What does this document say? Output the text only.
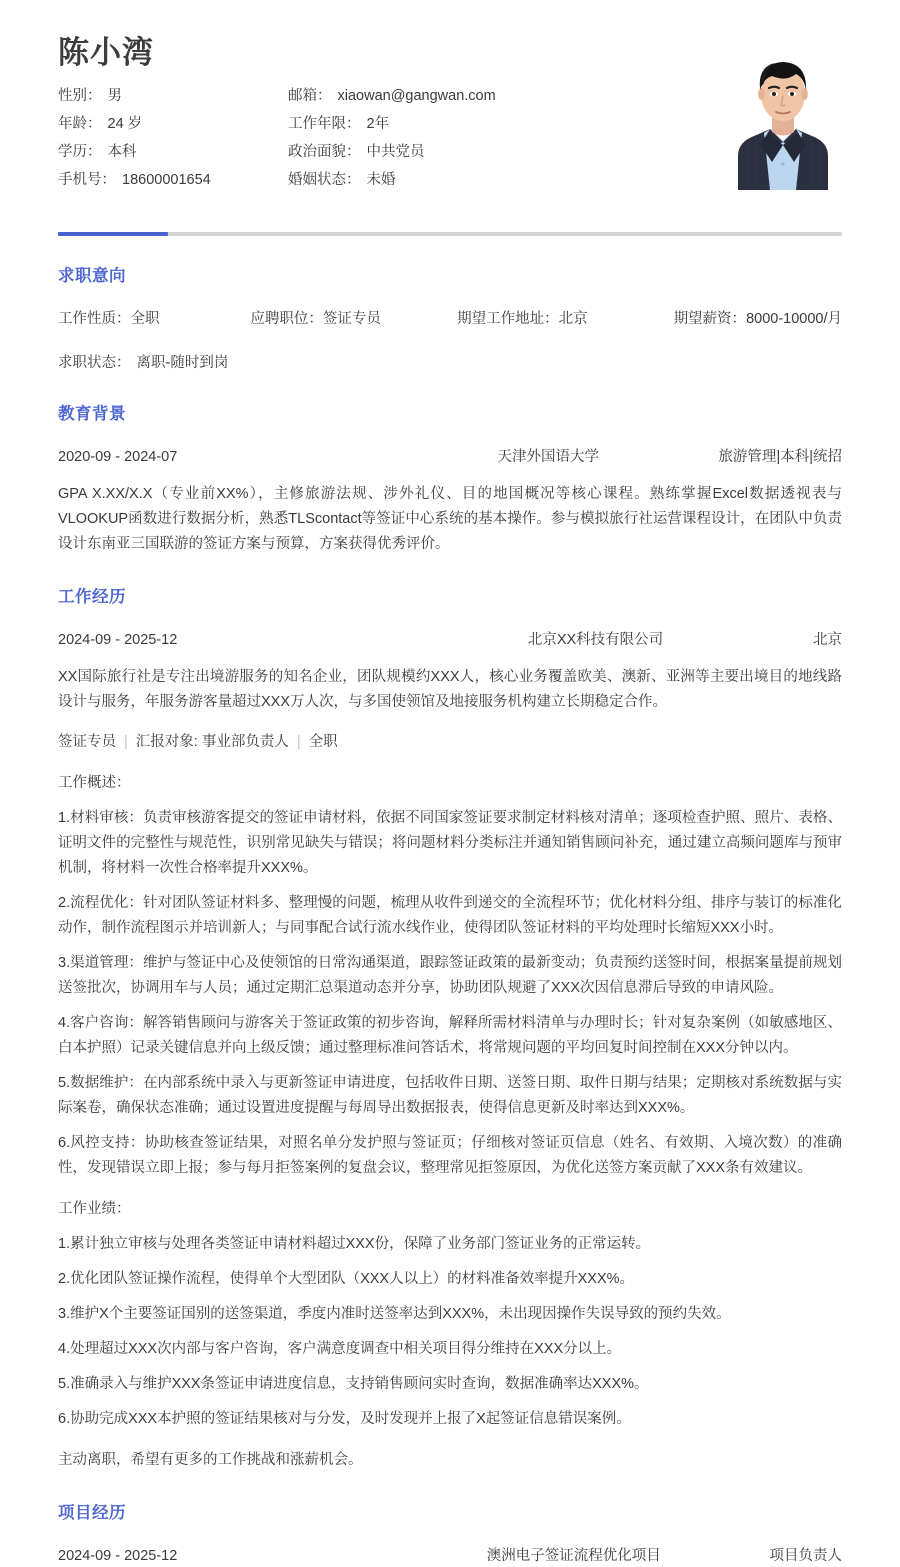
陈小湾
性别： 男	邮箱： xiaowan@gangwan.com
年龄： 24 岁	工作年限： 2年
学历： 本科	政治面貌： 中共党员
手机号： 18600001654	婚姻状态： 未婚
求职意向
工作性质：全职	应聘职位：签证专员	期望工作地址：北京	期望薪资：8000-10000/月
求职状态： 离职-随时到岗
教育背景
2020-09 - 2024-07	天津外国语大学	旅游管理|本科|统招

GPA X.XX/X.X（专业前XX%），主修旅游法规、涉外礼仪、目的地国概况等核心课程。熟练掌握Excel数据透视表与VLOOKUP函数进行数据分析，熟悉TLScontact等签证中心系统的基本操作。参与模拟旅行社运营课程设计，在团队中负责设计东南亚三国联游的签证方案与预算，方案获得优秀评价。

工作经历
2024-09 - 2025-12	北京XX科技有限公司	北京

XX国际旅行社是专注出境游服务的知名企业，团队规模约XXX人，核心业务覆盖欧美、澳新、亚洲等主要出境目的地线路设计与服务，年服务游客量超过XXX万人次，与多国使领馆及地接服务机构建立长期稳定合作。

签证专员 | 汇报对象: 事业部负责人 | 全职

工作概述：

1.材料审核：负责审核游客提交的签证申请材料，依据不同国家签证要求制定材料核对清单；逐项检查护照、照片、表格、证明文件的完整性与规范性，识别常见缺失与错误；将问题材料分类标注并通知销售顾问补充，通过建立高频问题库与预审机制，将材料一次性合格率提升XXX%。

2.流程优化：针对团队签证材料多、整理慢的问题，梳理从收件到递交的全流程环节；优化材料分组、排序与装订的标准化动作，制作流程图示并培训新人；与同事配合试行流水线作业，使得团队签证材料的平均处理时长缩短XXX小时。

3.渠道管理：维护与签证中心及使领馆的日常沟通渠道，跟踪签证政策的最新变动；负责预约送签时间，根据案量提前规划送签批次，协调用车与人员；通过定期汇总渠道动态并分享，协助团队规避了XXX次因信息滞后导致的申请风险。

4.客户咨询：解答销售顾问与游客关于签证政策的初步咨询，解释所需材料清单与办理时长；针对复杂案例（如敏感地区、白本护照）记录关键信息并向上级反馈；通过整理标准问答话术，将常规问题的平均回复时间控制在XXX分钟以内。

5.数据维护：在内部系统中录入与更新签证申请进度，包括收件日期、送签日期、取件日期与结果；定期核对系统数据与实际案卷，确保状态准确；通过设置进度提醒与每周导出数据报表，使得信息更新及时率达到XXX%。

6.风控支持：协助核查签证结果，对照名单分发护照与签证页；仔细核对签证页信息（姓名、有效期、入境次数）的准确性，发现错误立即上报；参与每月拒签案例的复盘会议，整理常见拒签原因，为优化送签方案贡献了XXX条有效建议。

工作业绩：

1.累计独立审核与处理各类签证申请材料超过XXX份，保障了业务部门签证业务的正常运转。

2.优化团队签证操作流程，使得单个大型团队（XXX人以上）的材料准备效率提升XXX%。

3.维护X个主要签证国别的送签渠道，季度内准时送签率达到XXX%，未出现因操作失误导致的预约失效。

4.处理超过XXX次内部与客户咨询，客户满意度调查中相关项目得分维持在XXX分以上。

5.准确录入与维护XXX条签证申请进度信息，支持销售顾问实时查询，数据准确率达XXX%。

6.协助完成XXX本护照的签证结果核对与分发，及时发现并上报了X起签证信息错误案例。

主动离职，希望有更多的工作挑战和涨薪机会。

项目经历
2024-09 - 2025-12	澳洲电子签证流程优化项目	项目负责人
